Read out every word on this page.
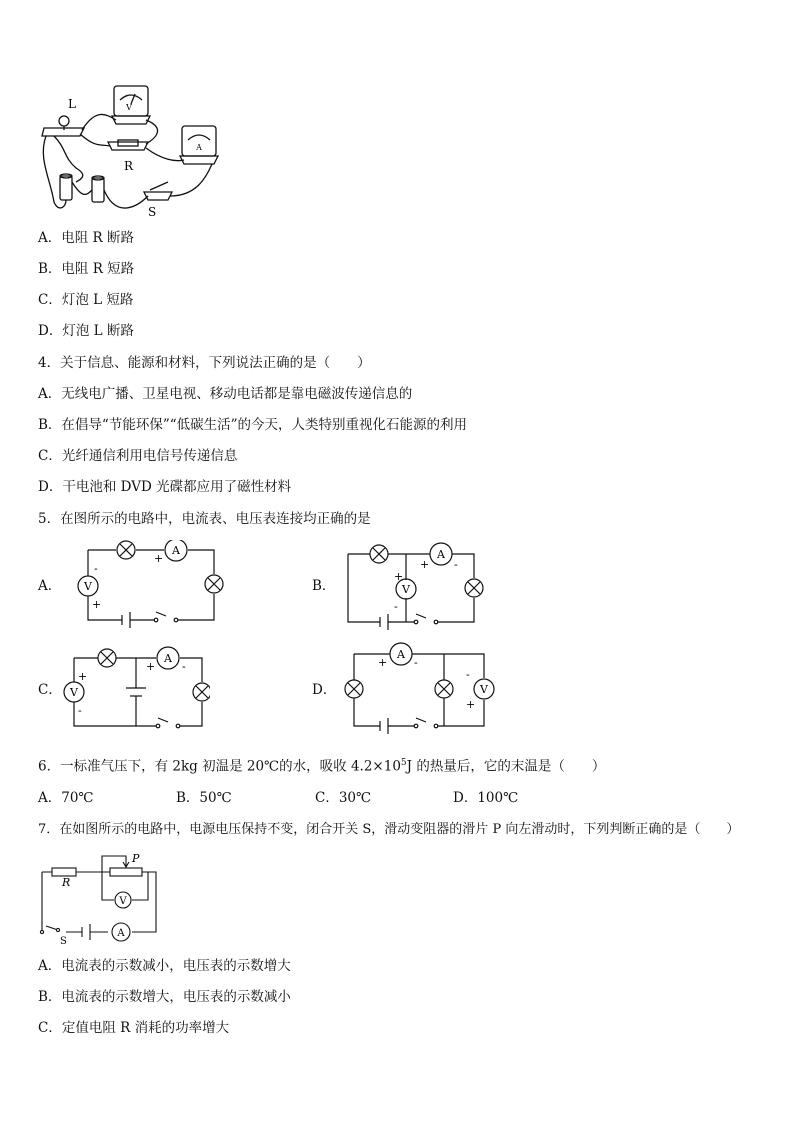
V
A
L
R
S
A．电阻 R 断路
B．电阻 R 短路
C．灯泡 L 短路
D．灯泡 L 断路
4．关于信息、能源和材料，下列说法正确的是（　　）
A．无线电广播、卫星电视、移动电话都是靠电磁波传递信息的
B．在倡导“节能环保”“低碳生活”的今天，人类特别重视化石能源的利用
C．光纤通信利用电信号传递信息
D．干电池和 DVD 光碟都应用了磁性材料
5．在图所示的电路中，电流表、电压表连接均正确的是
A．	B．
C．	D．
A
V
+
-
+
A
V
+ -
+
-
A
V
+ -
+
-
A
V
+ -
-
+
6．一标准气压下，有 2kg 初温是 20℃的水，吸收 $4.2\times 10^5J$ 的热量后，它的末温是（　　）
A．70℃	B．50℃	C．30℃	D．100℃
7．在如图所示的电路中，电源电压保持不变，闭合开关 S，滑动变阻器的滑片 P 向左滑动时，下列判断正确的是（　　）
V
A
P
R
S
A．电流表的示数减小，电压表的示数增大
B．电流表的示数增大，电压表的示数减小
C．定值电阻 R 消耗的功率增大
